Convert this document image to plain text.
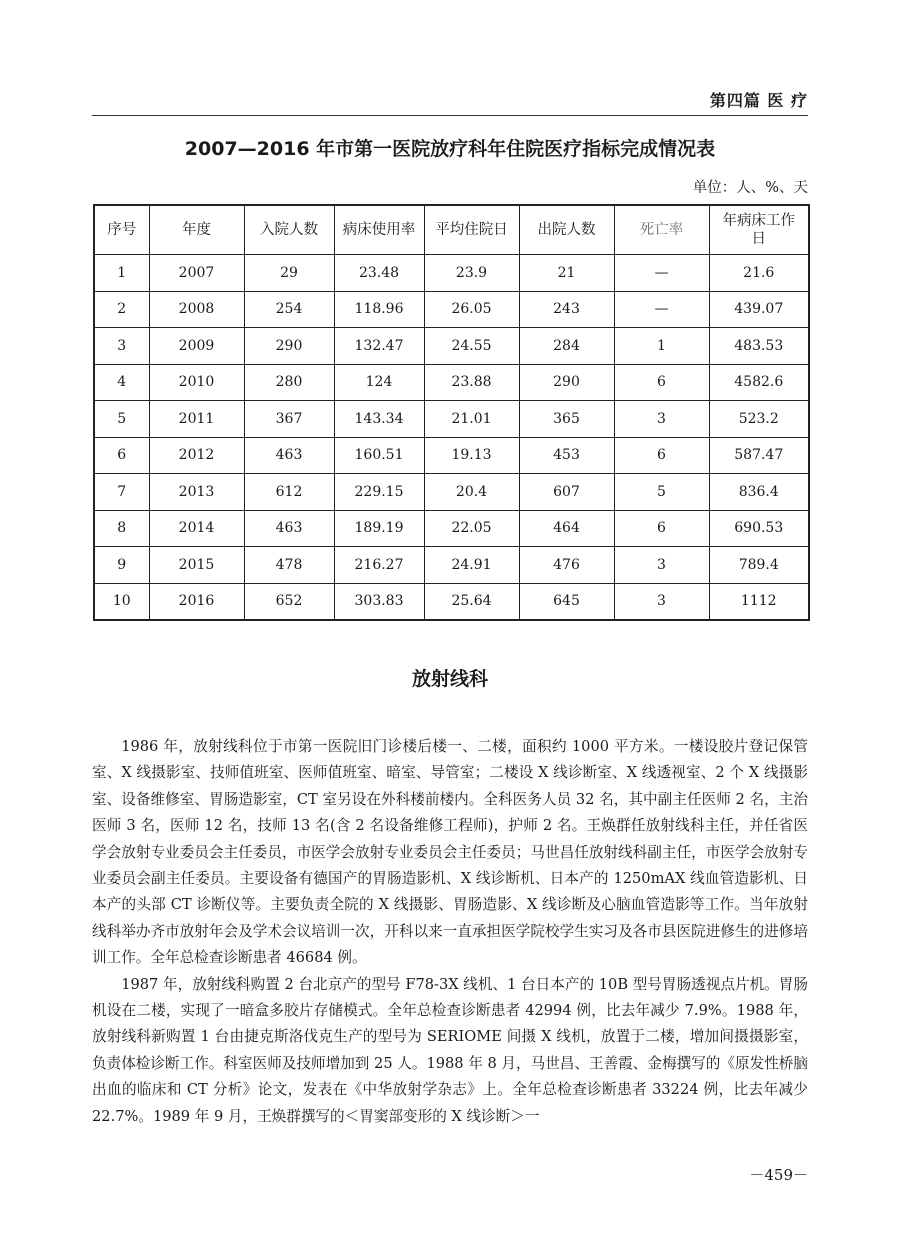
第四篇 医 疗
2007—2016 年市第一医院放疗科年住院医疗指标完成情况表
单位：人、%、天
序号	年度	入院人数	病床使用率	平均住院日	出院人数	死亡率	年病床工作日
1	2007	29	23.48	23.9	21	—	21.6
2	2008	254	118.96	26.05	243	—	439.07
3	2009	290	132.47	24.55	284	1	483.53
4	2010	280	124	23.88	290	6	4582.6
5	2011	367	143.34	21.01	365	3	523.2
6	2012	463	160.51	19.13	453	6	587.47
7	2013	612	229.15	20.4	607	5	836.4
8	2014	463	189.19	22.05	464	6	690.53
9	2015	478	216.27	24.91	476	3	789.4
10	2016	652	303.83	25.64	645	3	1112
放射线科

1986 年，放射线科位于市第一医院旧门诊楼后楼一、二楼，面积约 1000 平方米。一楼设胶片登记保管室、X 线摄影室、技师值班室、医师值班室、暗室、导管室；二楼设 X 线诊断室、X 线透视室、2 个 X 线摄影室、设备维修室、胃肠造影室，CT 室另设在外科楼前楼内。全科医务人员 32 名，其中副主任医师 2 名，主治医师 3 名，医师 12 名，技师 13 名(含 2 名设备维修工程师)，护师 2 名。王焕群任放射线科主任，并任省医学会放射专业委员会主任委员，市医学会放射专业委员会主任委员；马世昌任放射线科副主任，市医学会放射专业委员会副主任委员。主要设备有德国产的胃肠造影机、X 线诊断机、日本产的 1250mAX 线血管造影机、日本产的头部 CT 诊断仪等。主要负责全院的 X 线摄影、胃肠造影、X 线诊断及心脑血管造影等工作。当年放射线科举办齐市放射年会及学术会议培训一次，开科以来一直承担医学院校学生实习及各市县医院进修生的进修培训工作。全年总检查诊断患者 46684 例。

1987 年，放射线科购置 2 台北京产的型号 F78-3X 线机、1 台日本产的 10B 型号胃肠透视点片机。胃肠机设在二楼，实现了一暗盒多胶片存储模式。全年总检查诊断患者 42994 例，比去年减少 7.9%。1988 年，放射线科新购置 1 台由捷克斯洛伐克生产的型号为 SERIOME 间摄 X 线机，放置于二楼，增加间摄摄影室，负责体检诊断工作。科室医师及技师增加到 25 人。1988 年 8 月，马世昌、王善霞、金梅撰写的《原发性桥脑出血的临床和 CT 分析》论文，发表在《中华放射学杂志》上。全年总检查诊断患者 33224 例，比去年减少 22.7%。1989 年 9 月，王焕群撰写的＜胃窦部变形的 X 线诊断＞一

－459－
